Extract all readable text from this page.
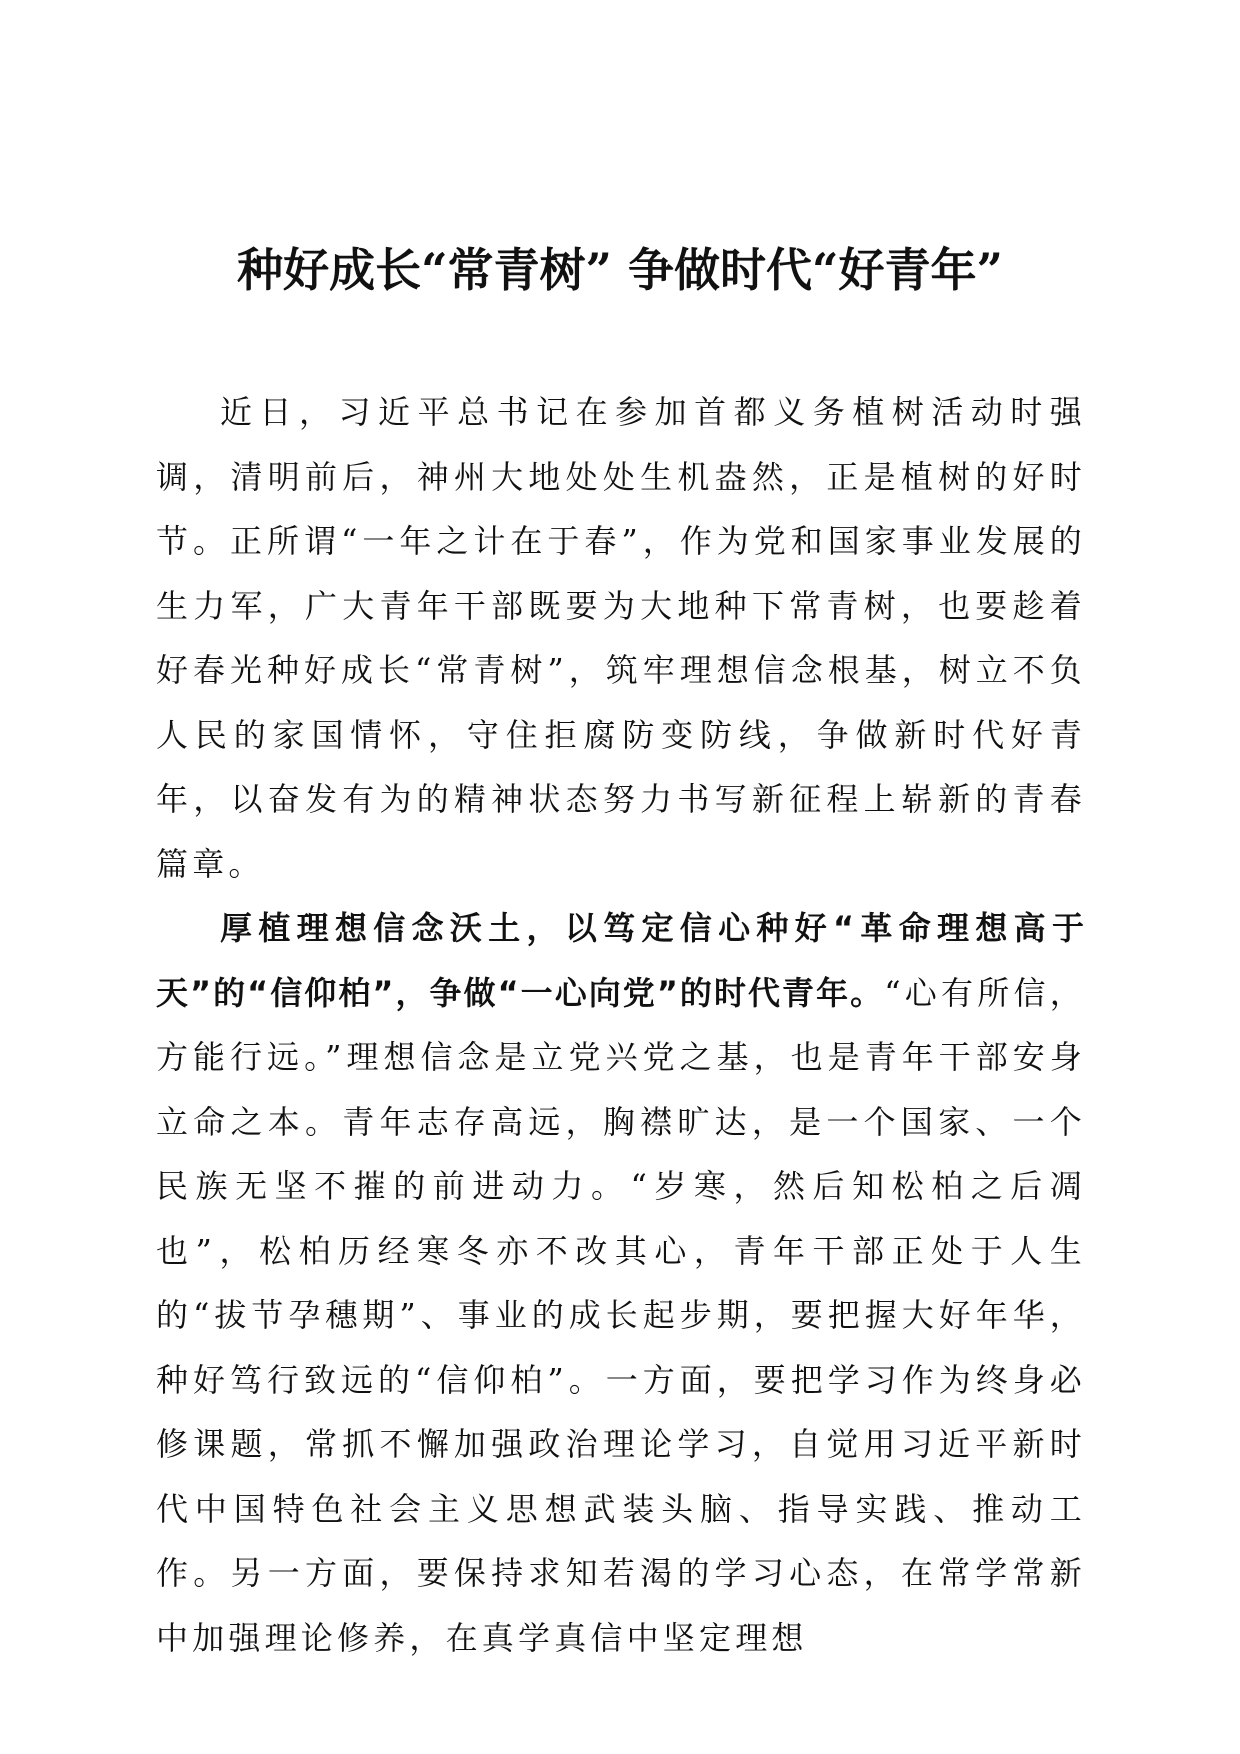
种好成长“常青树” 争做时代“好青年”

近日，习近平总书记在参加首都义务植树活动时强调，清明前后，神州大地处处生机盎然，正是植树的好时节。正所谓“一年之计在于春”，作为党和国家事业发展的生力军，广大青年干部既要为大地种下常青树，也要趁着好春光种好成长“常青树”，筑牢理想信念根基，树立不负人民的家国情怀，守住拒腐防变防线，争做新时代好青年，以奋发有为的精神状态努力书写新征程上崭新的青春篇章。

厚植理想信念沃土，以笃定信心种好“革命理想高于天”的“信仰柏”，争做“一心向党”的时代青年。“心有所信，方能行远。”理想信念是立党兴党之基，也是青年干部安身立命之本。青年志存高远，胸襟旷达，是一个国家、一个民族无坚不摧的前进动力。“岁寒，然后知松柏之后凋也”，松柏历经寒冬亦不改其心，青年干部正处于人生的“拔节孕穗期”、事业的成长起步期，要把握大好年华，种好笃行致远的“信仰柏”。一方面，要把学习作为终身必修课题，常抓不懈加强政治理论学习，自觉用习近平新时代中国特色社会主义思想武装头脑、指导实践、推动工作。另一方面，要保持求知若渴的学习心态，在常学常新中加强理论修养，在真学真信中坚定理想
